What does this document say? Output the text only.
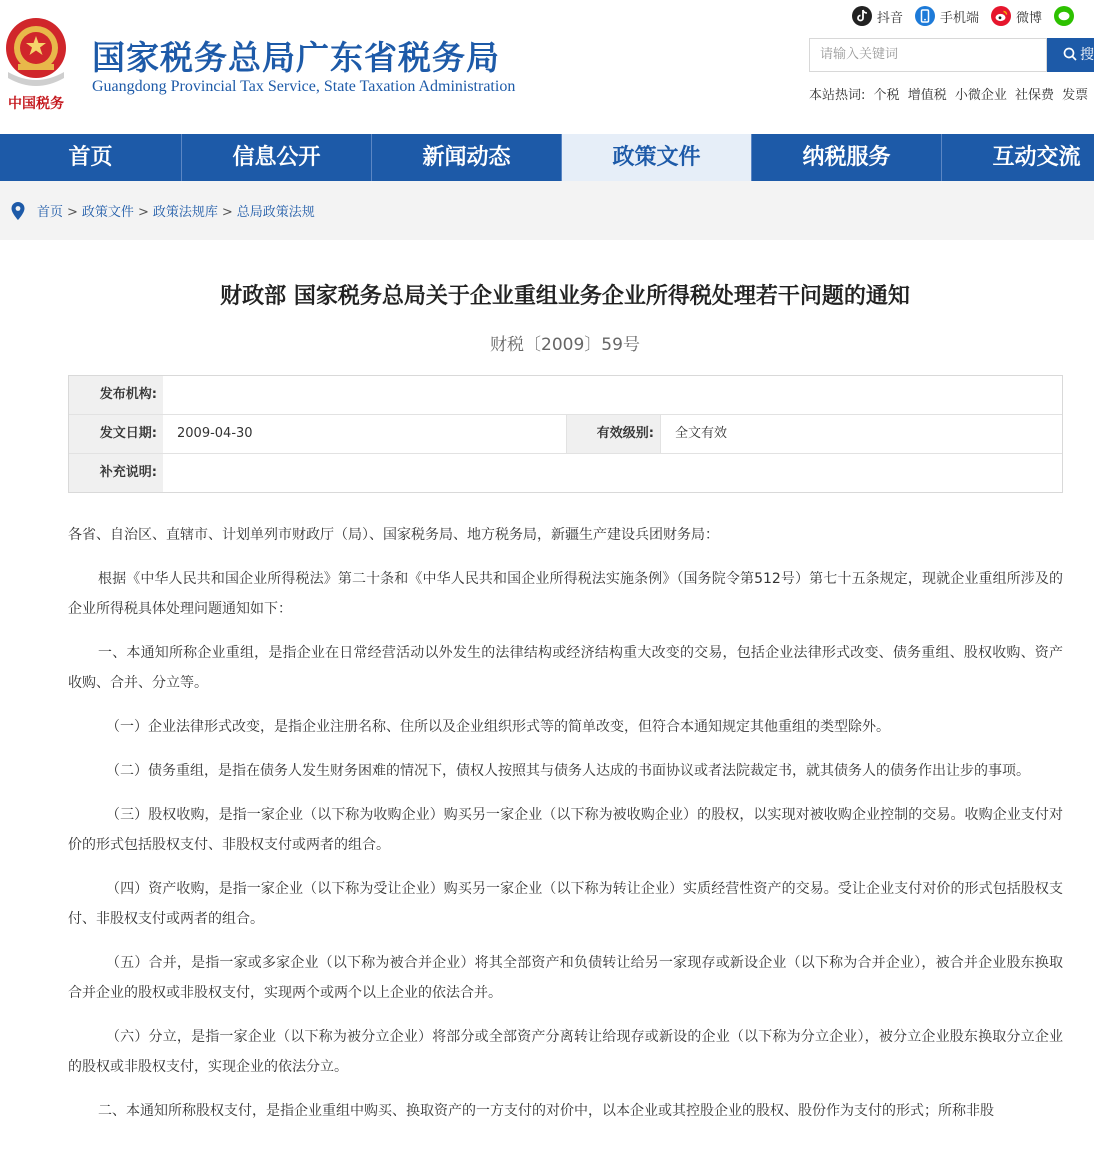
中国税务
国家税务总局广东省税务局
Guangdong Provincial Tax Service, State Taxation Administration
抖音	手机端	微博
请输入关键词	搜
本站热词: 个税 增值税 小微企业 社保费 发票
首页	信息公开	新闻动态	政策文件	纳税服务	互动交流
首页 > 政策文件 > 政策法规库 > 总局政策法规
财政部 国家税务总局关于企业重组业务企业所得税处理若干问题的通知
财税〔2009〕59号
发布机构:
发文日期:	2009-04-30	有效级别:	全文有效
补充说明:

各省、自治区、直辖市、计划单列市财政厅（局）、国家税务局、地方税务局，新疆生产建设兵团财务局：

根据《中华人民共和国企业所得税法》第二十条和《中华人民共和国企业所得税法实施条例》（国务院令第512号）第七十五条规定，现就企业重组所涉及的企业所得税具体处理问题通知如下：

一、本通知所称企业重组，是指企业在日常经营活动以外发生的法律结构或经济结构重大改变的交易，包括企业法律形式改变、债务重组、股权收购、资产收购、合并、分立等。

（一）企业法律形式改变，是指企业注册名称、住所以及企业组织形式等的简单改变，但符合本通知规定其他重组的类型除外。

（二）债务重组，是指在债务人发生财务困难的情况下，债权人按照其与债务人达成的书面协议或者法院裁定书，就其债务人的债务作出让步的事项。

（三）股权收购，是指一家企业（以下称为收购企业）购买另一家企业（以下称为被收购企业）的股权，以实现对被收购企业控制的交易。收购企业支付对价的形式包括股权支付、非股权支付或两者的组合。

（四）资产收购，是指一家企业（以下称为受让企业）购买另一家企业（以下称为转让企业）实质经营性资产的交易。受让企业支付对价的形式包括股权支付、非股权支付或两者的组合。

（五）合并，是指一家或多家企业（以下称为被合并企业）将其全部资产和负债转让给另一家现存或新设企业（以下称为合并企业），被合并企业股东换取合并企业的股权或非股权支付，实现两个或两个以上企业的依法合并。

（六）分立，是指一家企业（以下称为被分立企业）将部分或全部资产分离转让给现存或新设的企业（以下称为分立企业），被分立企业股东换取分立企业的股权或非股权支付，实现企业的依法分立。

二、本通知所称股权支付，是指企业重组中购买、换取资产的一方支付的对价中，以本企业或其控股企业的股权、股份作为支付的形式；所称非股
